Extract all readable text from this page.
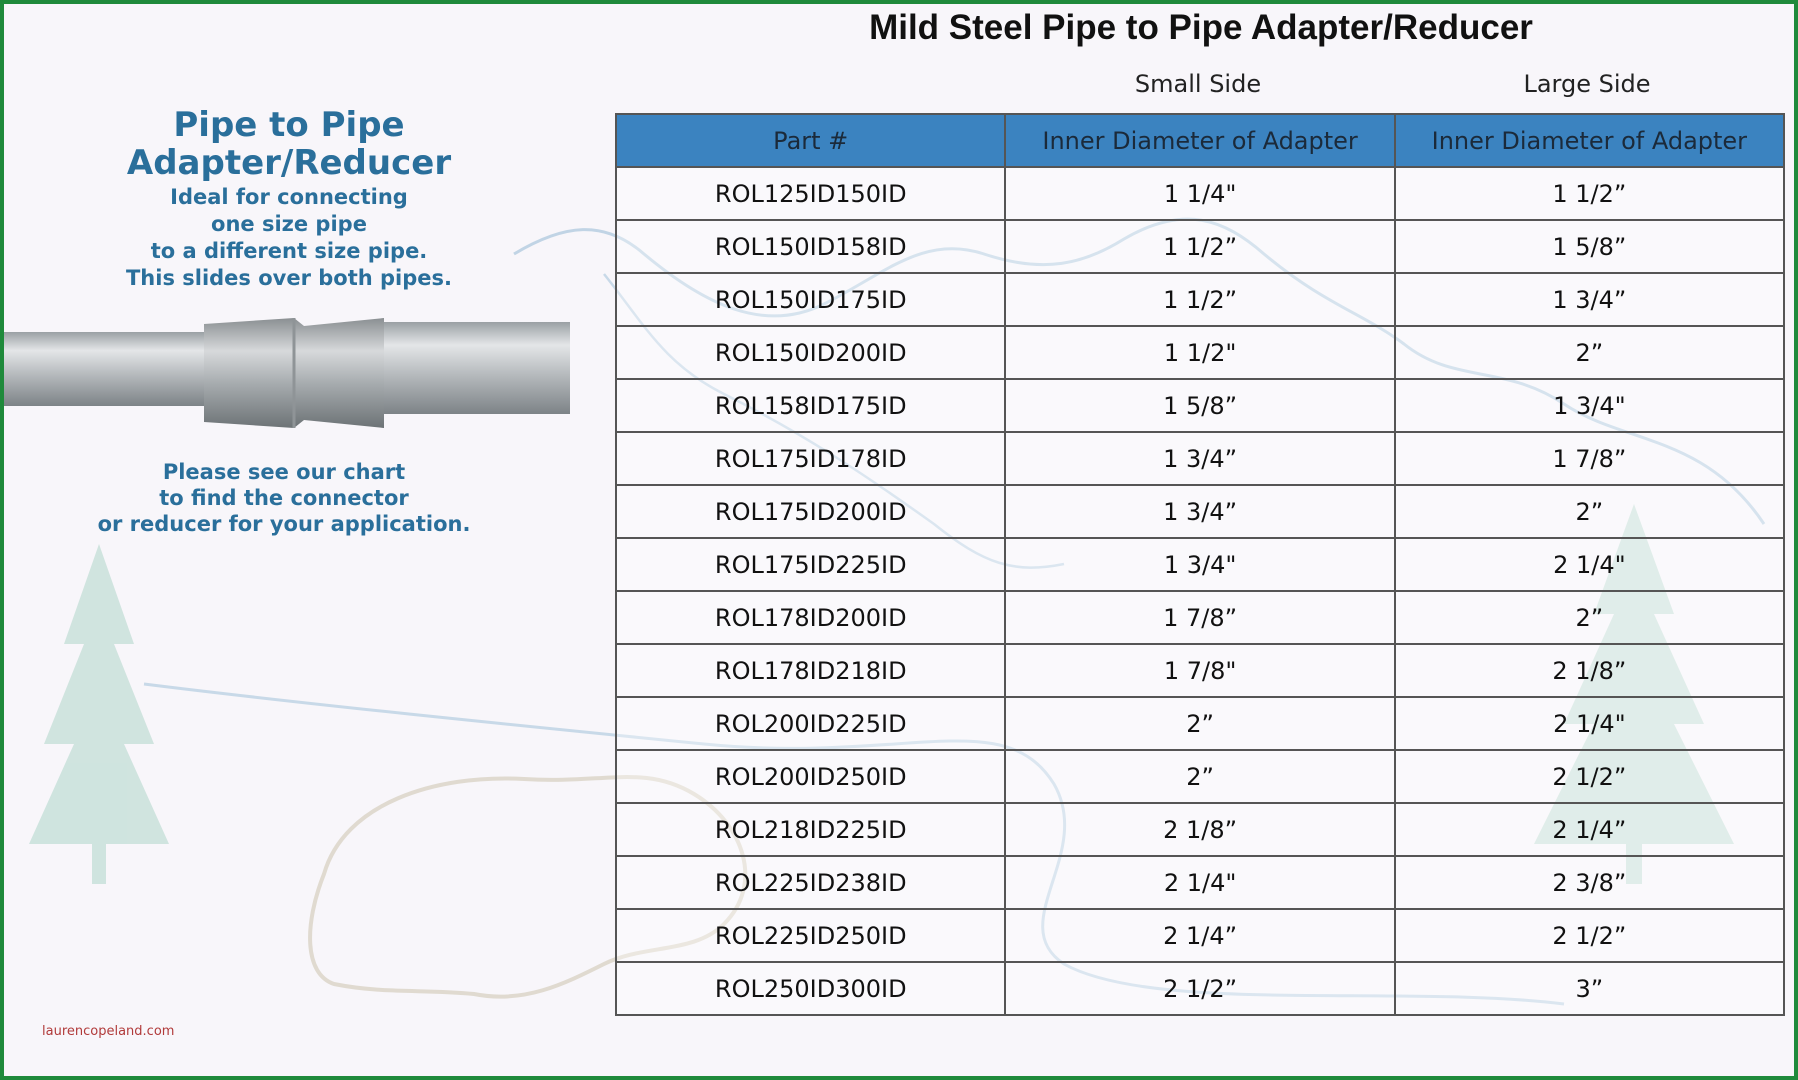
Mild Steel Pipe to Pipe Adapter/Reducer
Small Side	Large Side
Pipe to Pipe
Adapter/Reducer
Ideal for connecting
one size pipe
to a different size pipe.
This slides over both pipes.
Please see our chart
to find the connector
or reducer for your application.
laurencopeland.com
Part #	Inner Diameter of Adapter	Inner Diameter of Adapter
ROL125ID150ID	1 1/4"	1 1/2”
ROL150ID158ID	1 1/2”	1 5/8”
ROL150ID175ID	1 1/2”	1 3/4”
ROL150ID200ID	1 1/2"	2”
ROL158ID175ID	1 5/8”	1 3/4"
ROL175ID178ID	1 3/4”	1 7/8”
ROL175ID200ID	1 3/4”	2”
ROL175ID225ID	1 3/4"	2 1/4"
ROL178ID200ID	1 7/8”	2”
ROL178ID218ID	1 7/8"	2 1/8”
ROL200ID225ID	2”	2 1/4"
ROL200ID250ID	2”	2 1/2”
ROL218ID225ID	2 1/8”	2 1/4”
ROL225ID238ID	2 1/4"	2 3/8”
ROL225ID250ID	2 1/4”	2 1/2”
ROL250ID300ID	2 1/2”	3”
